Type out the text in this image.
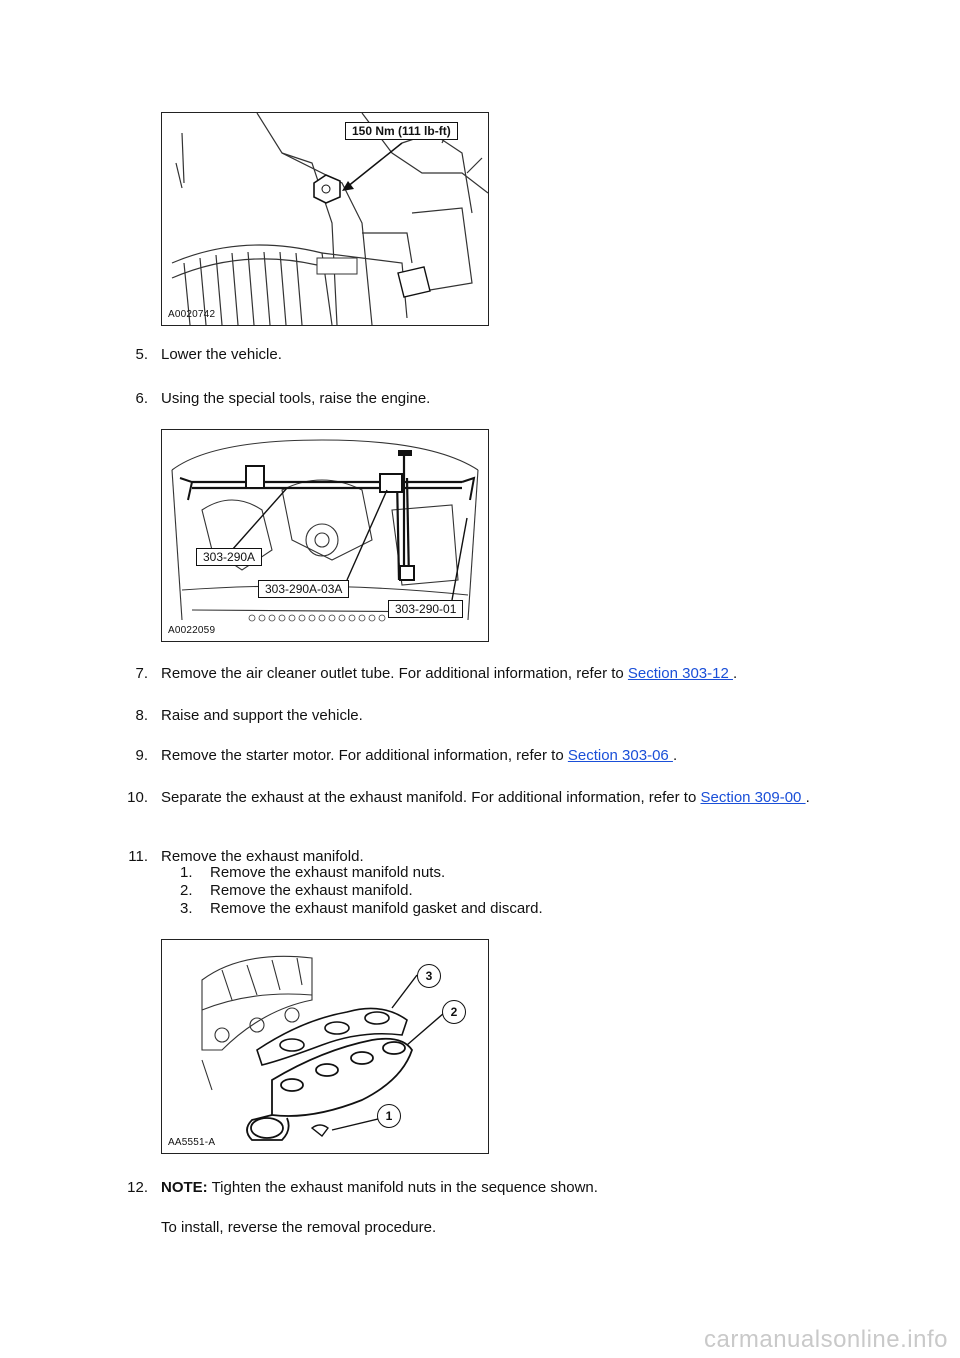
150 Nm (111 lb-ft)
A0020742
5. Lower the vehicle.
6. Using the special tools, raise the engine.
303-290A
303-290A-03A
303-290-01
A0022059
7. Remove the air cleaner outlet tube. For additional information, refer to Section 303-12 .
8. Raise and support the vehicle.
9. Remove the starter motor. For additional information, refer to Section 303-06 .
10. Separate the exhaust at the exhaust manifold. For additional information, refer to Section 309-00 .
11. Remove the exhaust manifold.
1. Remove the exhaust manifold nuts.
2. Remove the exhaust manifold.
3. Remove the exhaust manifold gasket and discard.
3
2
1
AA5551-A
12. NOTE: Tighten the exhaust manifold nuts in the sequence shown.
To install, reverse the removal procedure.
carmanualsonline.info
